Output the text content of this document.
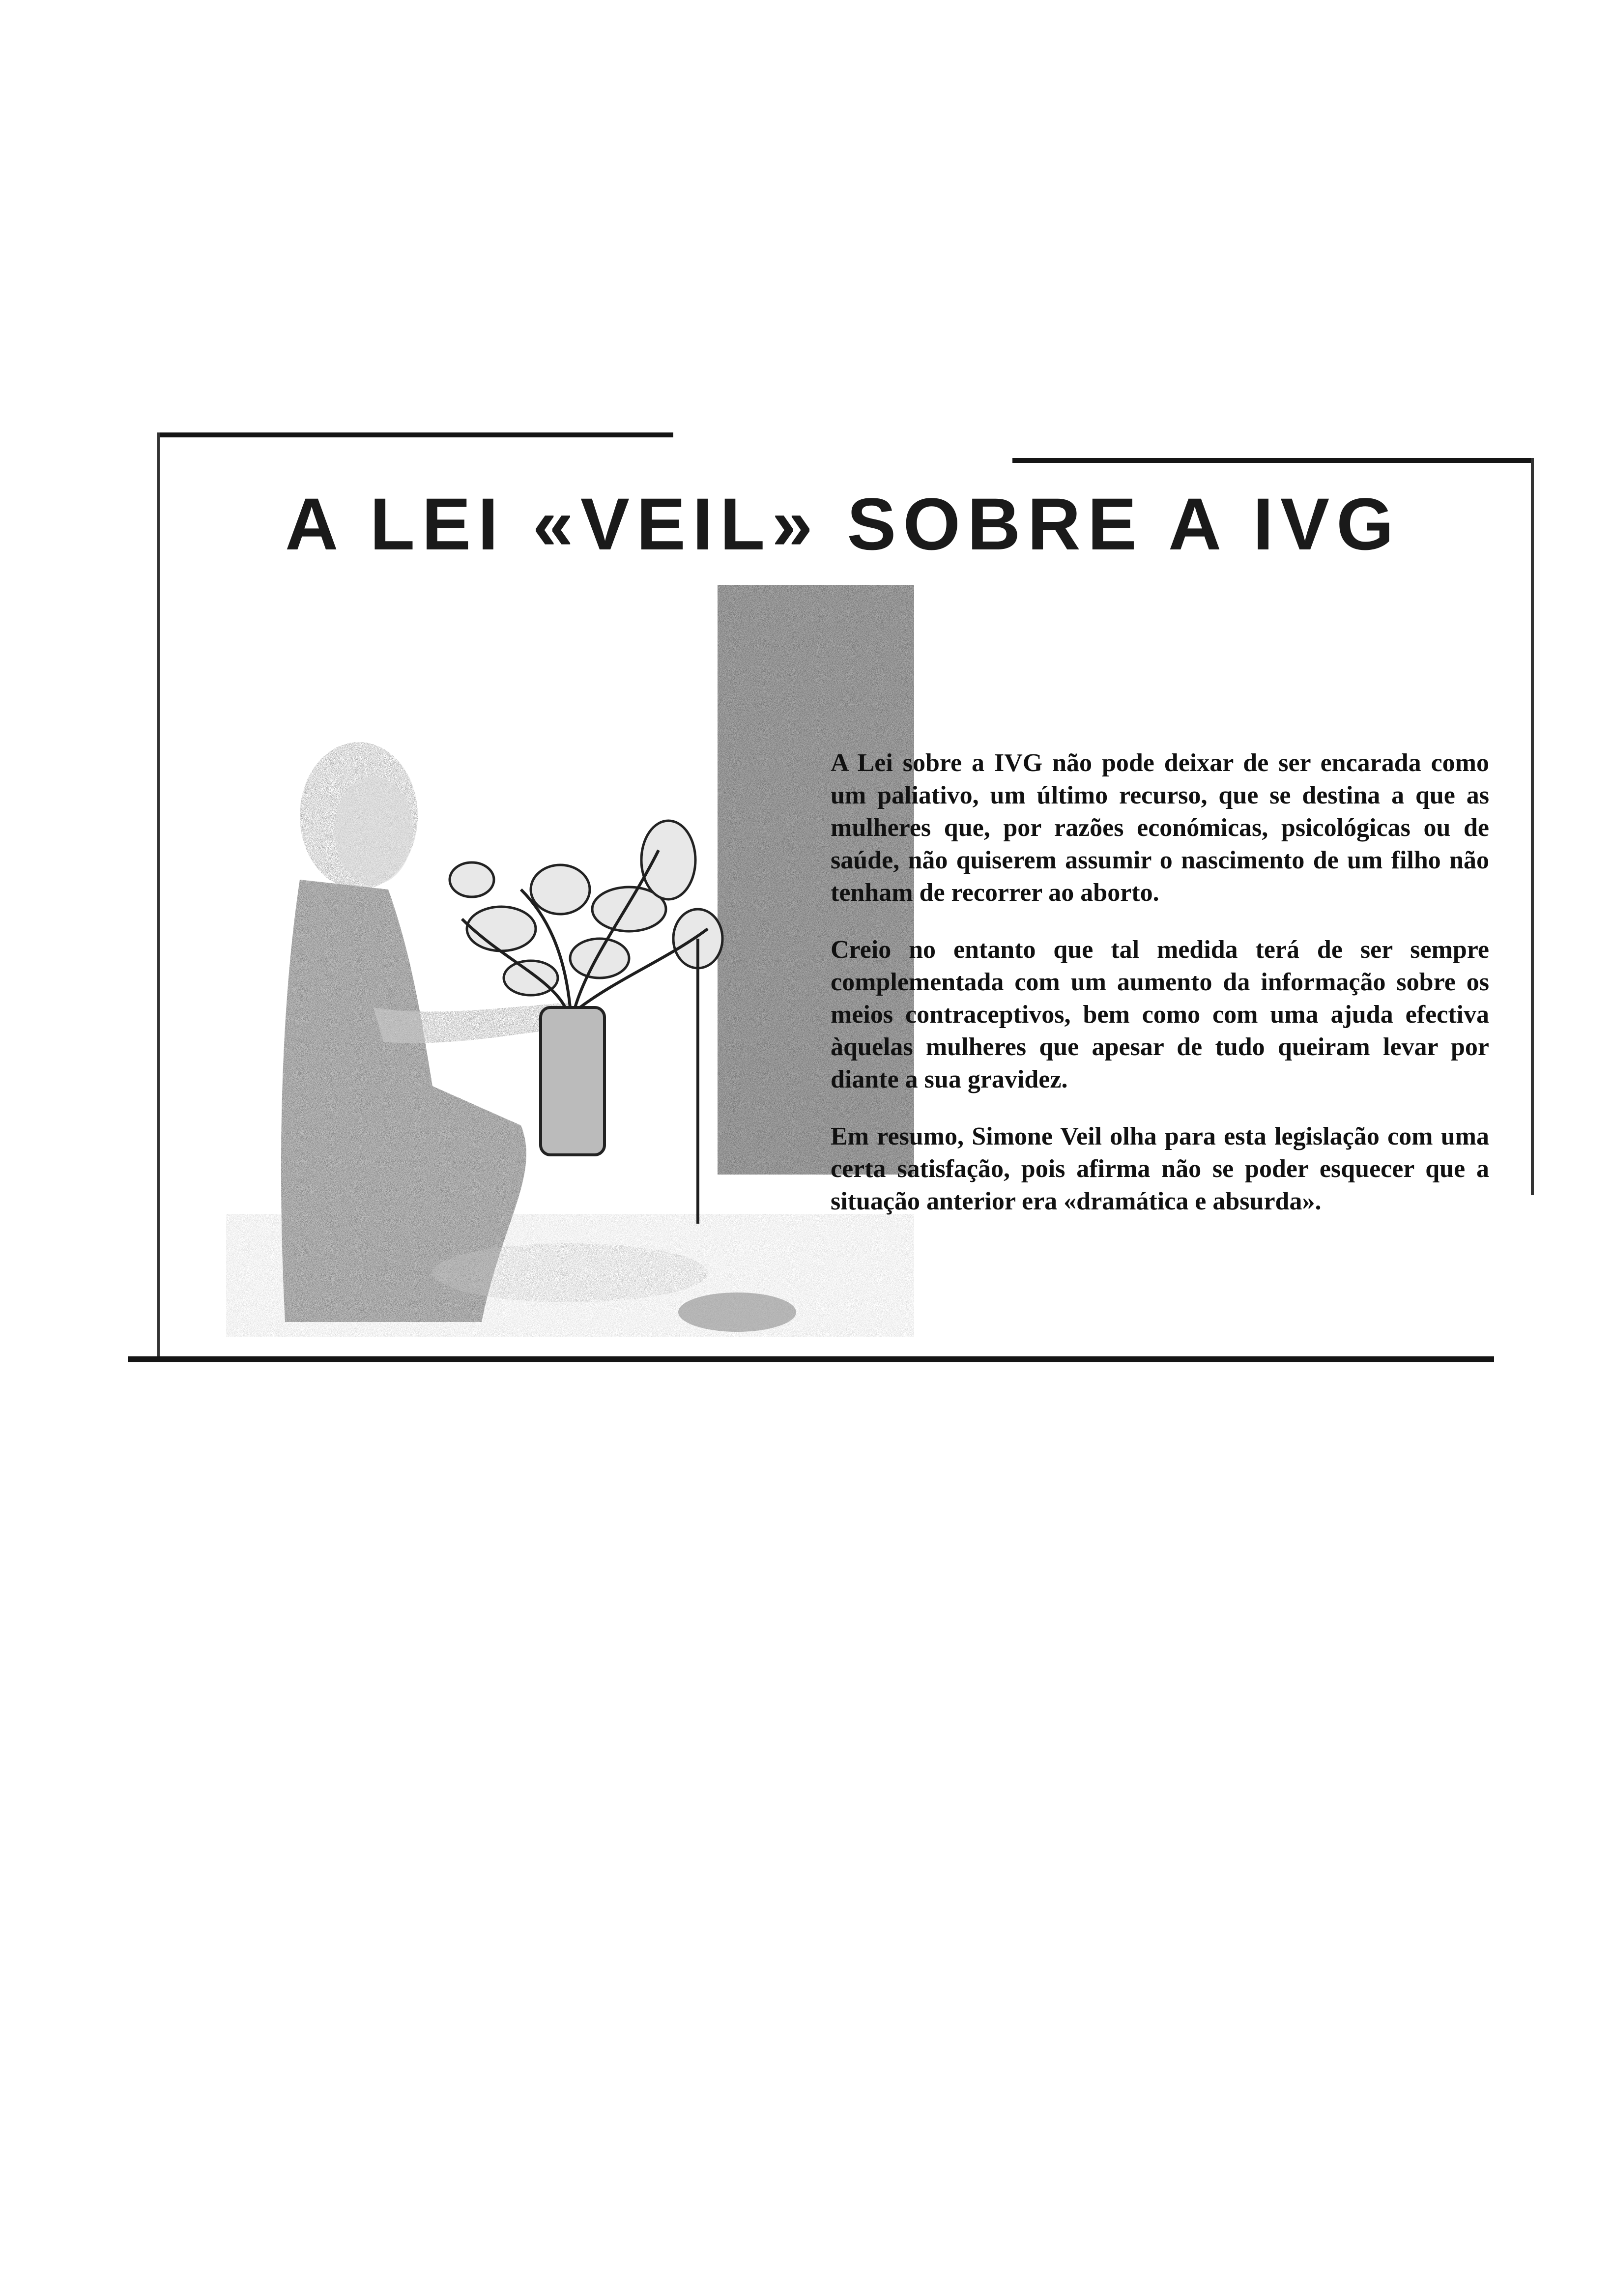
A LEI «VEIL» SOBRE A IVG

A Lei sobre a IVG não pode deixar de ser encarada como um paliativo, um último recurso, que se destina a que as mulheres que, por razões económicas, psicológicas ou de saúde, não quiserem assumir o nascimento de um filho não tenham de recorrer ao aborto.

Creio no entanto que tal medida terá de ser sempre complementada com um aumento da informação sobre os meios contraceptivos, bem como com uma ajuda efectiva àquelas mulheres que apesar de tudo queiram levar por diante a sua gravidez.

Em resumo, Simone Veil olha para esta legislação com uma certa satisfação, pois afirma não se poder esquecer que a situação anterior era «dramática e absurda».
